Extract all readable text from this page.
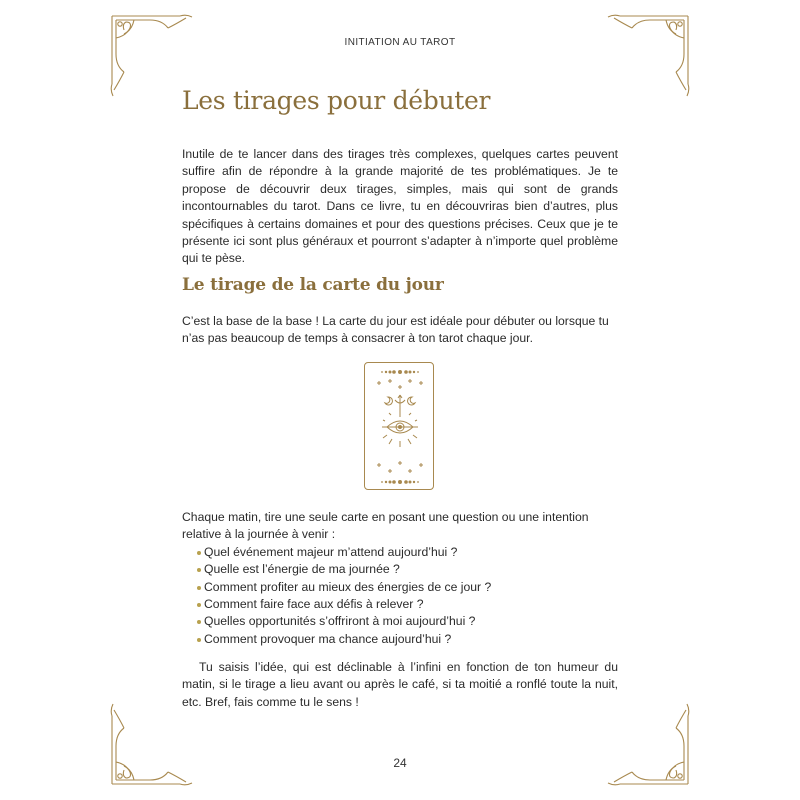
INITIATION AU TAROT
Les tirages pour débuter

Inutile de te lancer dans des tirages très complexes, quelques cartes peuvent suffire afin de répondre à la grande majorité de tes problématiques. Je te propose de découvrir deux tirages, simples, mais qui sont de grands incontournables du tarot. Dans ce livre, tu en découvriras bien d’autres, plus spécifiques à certains domaines et pour des questions précises. Ceux que je te présente ici sont plus généraux et pourront s’adapter à n’importe quel problème qui te pèse.

Le tirage de la carte du jour

C’est la base de la base ! La carte du jour est idéale pour débuter ou lorsque tu n’as pas beaucoup de temps à consacrer à ton tarot chaque jour.

Chaque matin, tire une seule carte en posant une question ou une intention relative à la journée à venir :
Quel événement majeur m’attend aujourd’hui ?
Quelle est l’énergie de ma journée ?
Comment profiter au mieux des énergies de ce jour ?
Comment faire face aux défis à relever ?
Quelles opportunités s’offriront à moi aujourd’hui ?
Comment provoquer ma chance aujourd’hui ?

Tu saisis l’idée, qui est déclinable à l’infini en fonction de ton humeur du matin, si le tirage a lieu avant ou après le café, si ta moitié a ronflé toute la nuit, etc. Bref, fais comme tu le sens !

24
